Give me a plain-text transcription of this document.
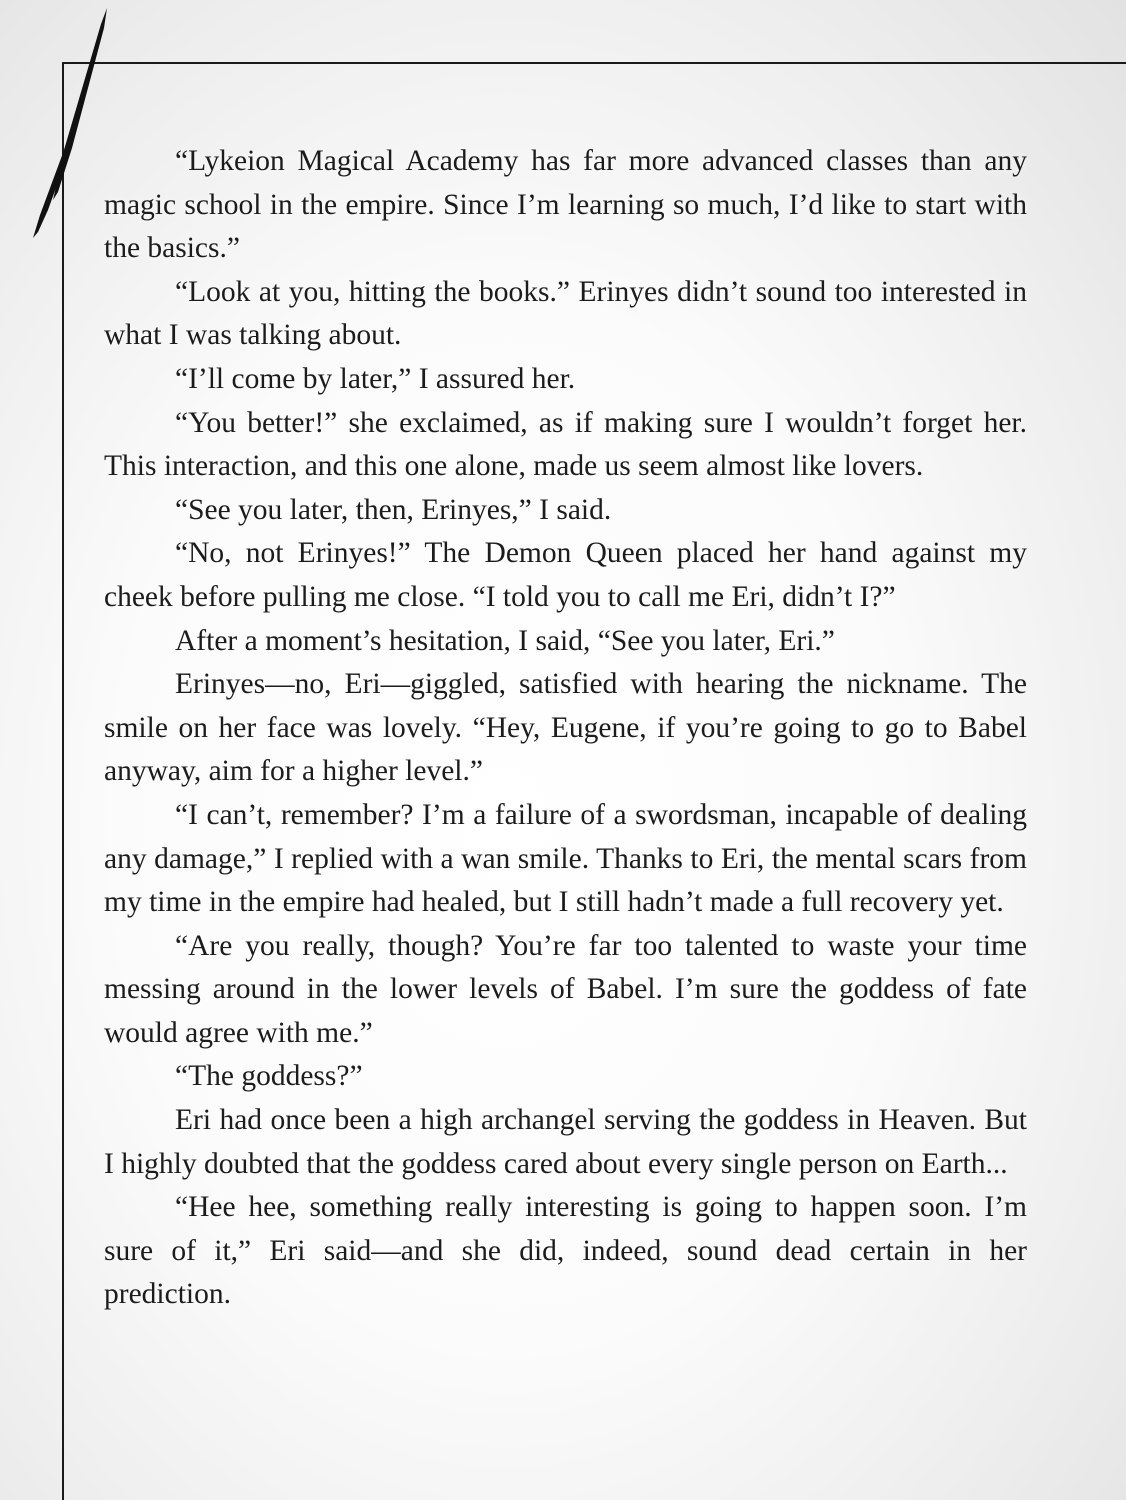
“Lykeion Magical Academy has far more advanced classes than any magic school in the empire. Since I’m learning so much, I’d like to start with the basics.”

“Look at you, hitting the books.” Erinyes didn’t sound too interested in what I was talking about.

“I’ll come by later,” I assured her.

“You better!” she exclaimed, as if making sure I wouldn’t forget her. This interaction, and this one alone, made us seem almost like lovers.

“See you later, then, Erinyes,” I said.

“No, not Erinyes!” The Demon Queen placed her hand against my cheek before pulling me close. “I told you to call me Eri, didn’t I?”

After a moment’s hesitation, I said, “See you later, Eri.”

Erinyes—no, Eri—giggled, satisfied with hearing the nickname. The smile on her face was lovely. “Hey, Eugene, if you’re going to go to Babel anyway, aim for a higher level.”

“I can’t, remember? I’m a failure of a swordsman, incapable of dealing any damage,” I replied with a wan smile. Thanks to Eri, the mental scars from my time in the empire had healed, but I still hadn’t made a full recovery yet.

“Are you really, though? You’re far too talented to waste your time messing around in the lower levels of Babel. I’m sure the goddess of fate would agree with me.”

“The goddess?”

Eri had once been a high archangel serving the goddess in Heaven. But I highly doubted that the goddess cared about every single person on Earth...

“Hee hee, something really interesting is going to happen soon. I’m sure of it,” Eri said—and she did, indeed, sound dead certain in her prediction.
